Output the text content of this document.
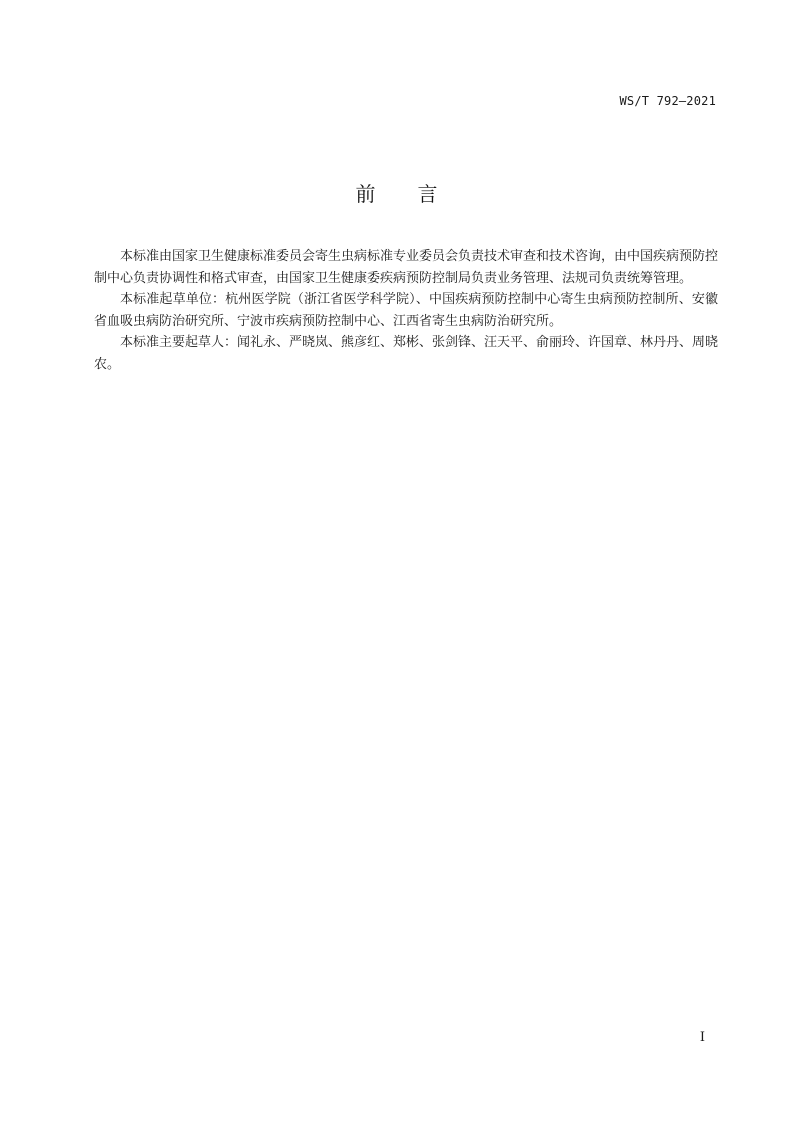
WS/T 792—2021
前言

本标准由国家卫生健康标准委员会寄生虫病标准专业委员会负责技术审查和技术咨询，由中国疾病预防控制中心负责协调性和格式审查，由国家卫生健康委疾病预防控制局负责业务管理、法规司负责统筹管理。

本标准起草单位：杭州医学院（浙江省医学科学院）、中国疾病预防控制中心寄生虫病预防控制所、安徽省血吸虫病防治研究所、宁波市疾病预防控制中心、江西省寄生虫病防治研究所。

本标准主要起草人：闻礼永、严晓岚、熊彦红、郑彬、张剑锋、汪天平、俞丽玲、许国章、林丹丹、周晓农。

I
